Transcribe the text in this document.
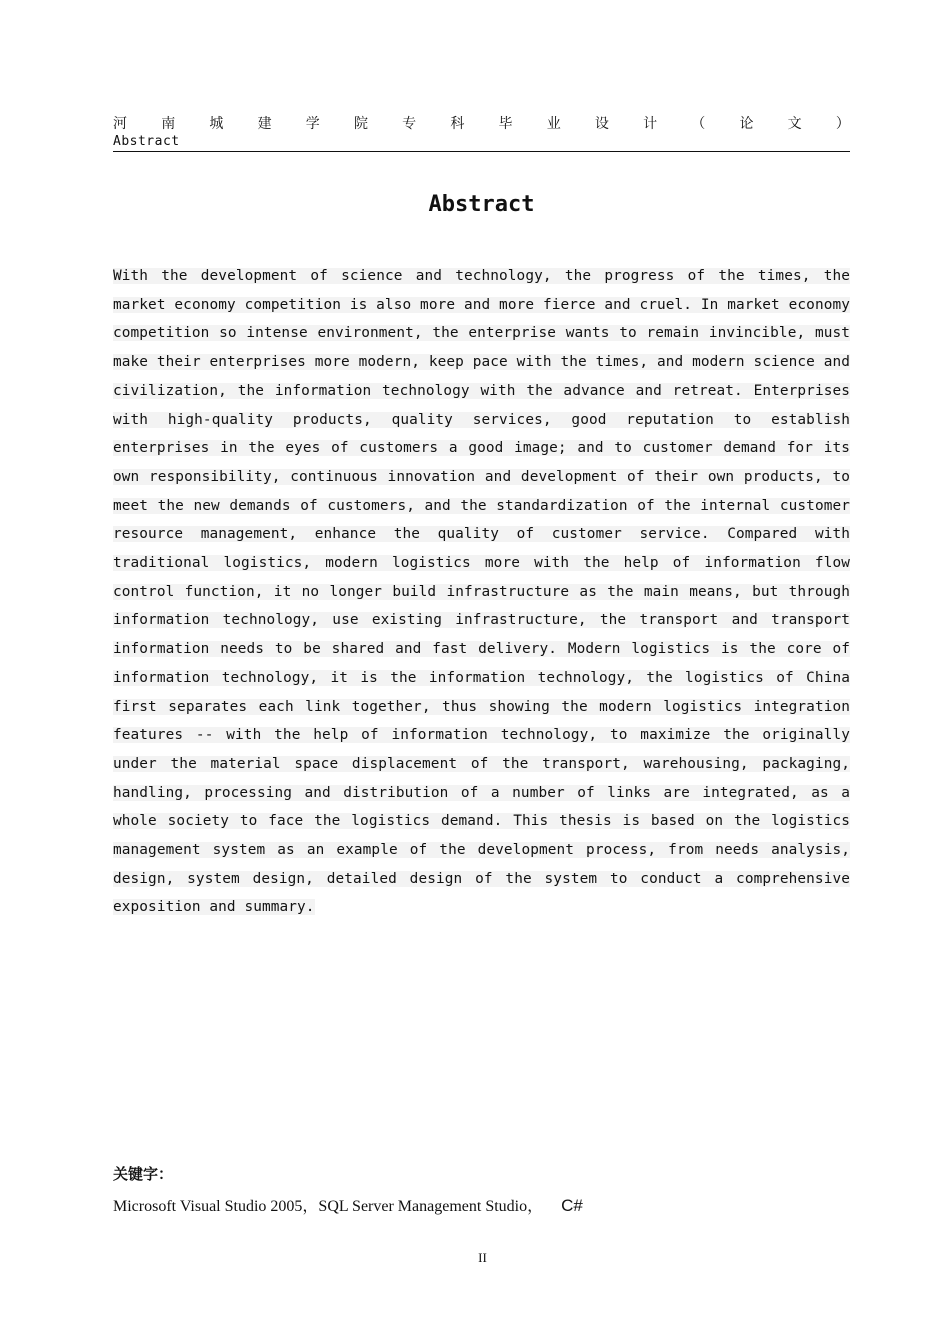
河 南 城 建 学 院 专 科 毕 业 设 计 （ 论 文 ）
Abstract
Abstract
With the development of science and technology, the progress of the times, the market economy competition is also more and more fierce and cruel. In market economy competition so intense environment, the enterprise wants to remain invincible, must make their enterprises more modern, keep pace with the times, and modern science and civilization, the information technology with the advance and retreat. Enterprises with high-quality products, quality services, good reputation to establish enterprises in the eyes of customers a good image; and to customer demand for its own responsibility, continuous innovation and development of their own products, to meet the new demands of customers, and the standardization of the internal customer resource management, enhance the quality of customer service. Compared with traditional logistics, modern logistics more with the help of information flow control function, it no longer build infrastructure as the main means, but through information technology, use existing infrastructure, the transport and transport information needs to be shared and fast delivery. Modern logistics is the core of information technology, it is the information technology, the logistics of China first separates each link together, thus showing the modern logistics integration features -- with the help of information technology, to maximize the originally under the material space displacement of the transport, warehousing, packaging, handling, processing and distribution of a number of links are integrated, as a whole society to face the logistics demand. This thesis is based on the logistics management system as an example of the development process, from needs analysis, design, system design, detailed design of the system to conduct a comprehensive exposition and summary.
关键字：
Microsoft Visual Studio 2005，SQL Server Management Studio， C#
II
